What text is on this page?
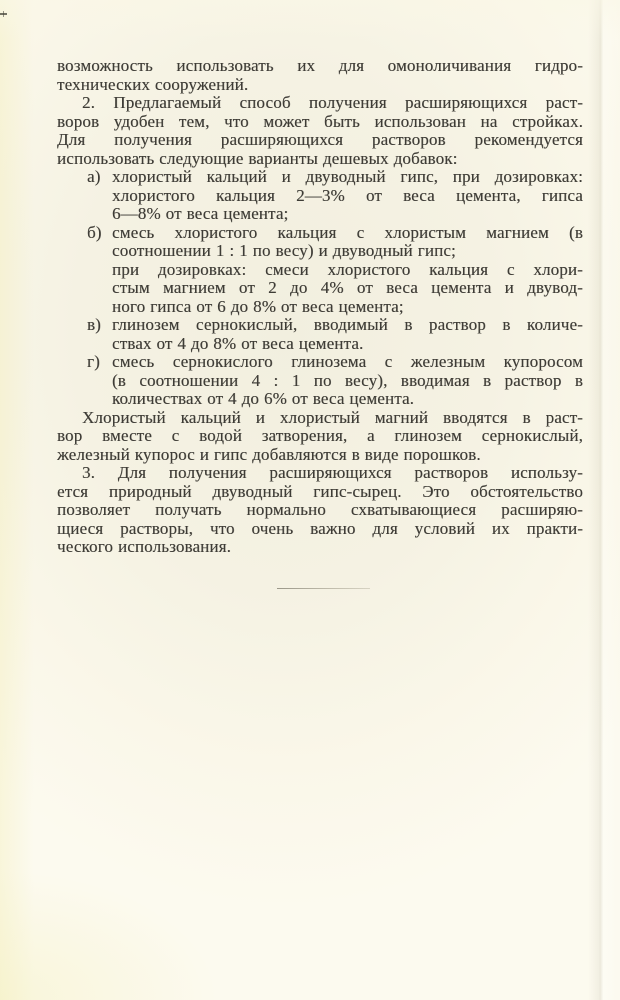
возможность использовать их для омоноличивания гидро-
технических сооружений.
2. Предлагаемый способ получения расширяющихся раст-
воров удобен тем, что может быть использован на стройках.
Для получения расширяющихся растворов рекомендуется
использовать следующие варианты дешевых добавок:
а) хлористый кальций и двуводный гипс, при дозировках:
хлористого кальция 2—3% от веса цемента, гипса
6—8% от веса цемента;
б) смесь хлористого кальция с хлористым магнием (в
соотношении 1 : 1 по весу) и двуводный гипс;
при дозировках: смеси хлористого кальция с хлори-
стым магнием от 2 до 4% от веса цемента и двувод-
ного гипса от 6 до 8% от веса цемента;
в) глинозем сернокислый, вводимый в раствор в количе-
ствах от 4 до 8% от веса цемента.
г) смесь сернокислого глинозема с железным купоросом
(в соотношении 4 : 1 по весу), вводимая в раствор в
количествах от 4 до 6% от веса цемента.
Хлористый кальций и хлористый магний вводятся в раст-
вор вместе с водой затворения, а глинозем сернокислый,
железный купорос и гипс добавляются в виде порошков.
3. Для получения расширяющихся растворов использу-
ется природный двуводный гипс-сырец. Это обстоятельство
позволяет получать нормально схватывающиеся расширяю-
щиеся растворы, что очень важно для условий их практи-
ческого использования.
